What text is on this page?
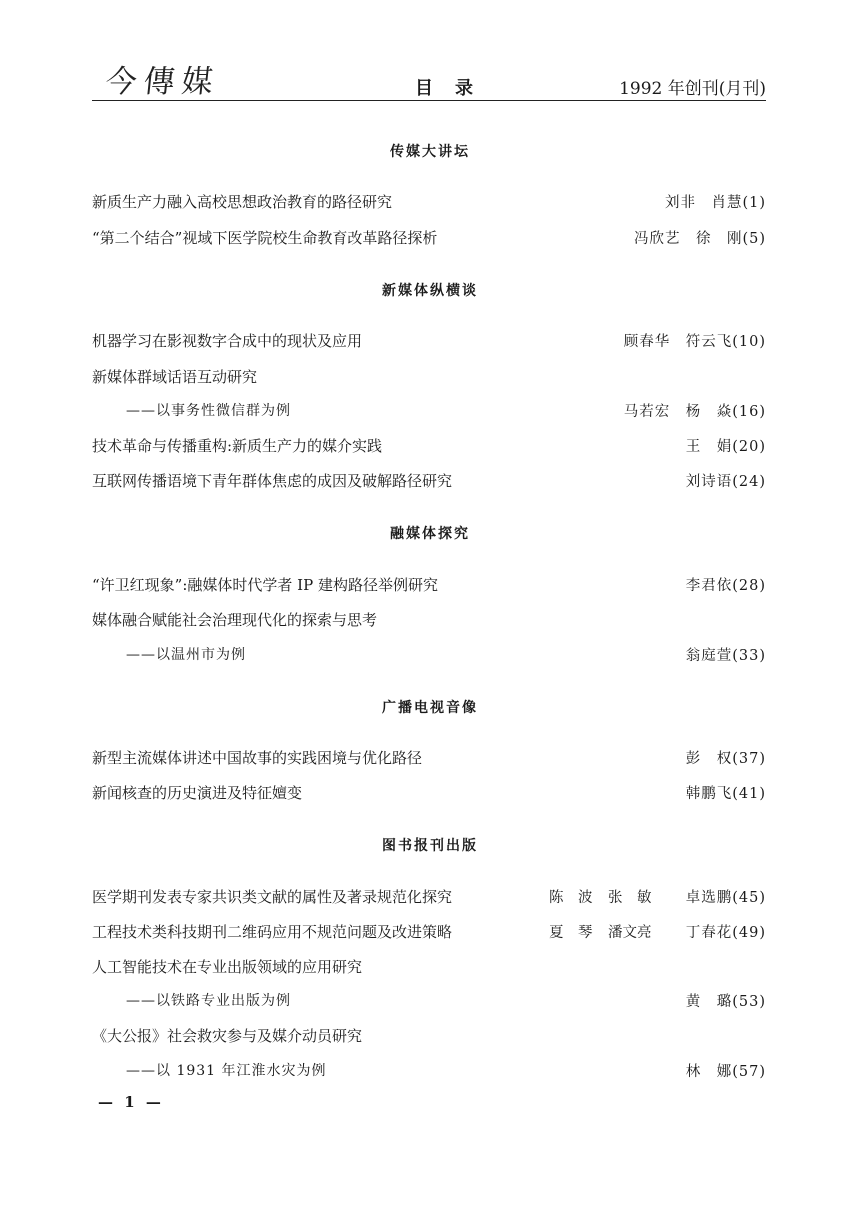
今傳媒	目录	1992 年创刊(月刊)
传媒大讲坛
新质生产力融入高校思想政治教育的路径研究	刘非　肖慧(1)
“第二个结合”视域下医学院校生命教育改革路径探析	冯欣艺　徐　刚(5)
新媒体纵横谈
机器学习在影视数字合成中的现状及应用	顾春华　符云飞(10)
新媒体群域话语互动研究
——以事务性微信群为例	马若宏　杨　焱(16)
技术革命与传播重构:新质生产力的媒介实践	王　娟(20)
互联网传播语境下青年群体焦虑的成因及破解路径研究	刘诗语(24)
融媒体探究
“许卫红现象”:融媒体时代学者 IP 建构路径举例研究	李君依(28)
媒体融合赋能社会治理现代化的探索与思考
——以温州市为例	翁庭萱(33)
广播电视音像
新型主流媒体讲述中国故事的实践困境与优化路径	彭　权(37)
新闻核查的历史演进及特征嬗变	韩鹏飞(41)
图书报刊出版
医学期刊发表专家共识类文献的属性及著录规范化探究	陈　波 张　敏 卓选鹏(45)
工程技术类科技期刊二维码应用不规范问题及改进策略	夏　琴 潘文亮 丁春花(49)
人工智能技术在专业出版领域的应用研究
——以铁路专业出版为例	黄　璐(53)
《大公报》社会救灾参与及媒介动员研究
——以 1931 年江淮水灾为例	林　娜(57)
— 1 —
